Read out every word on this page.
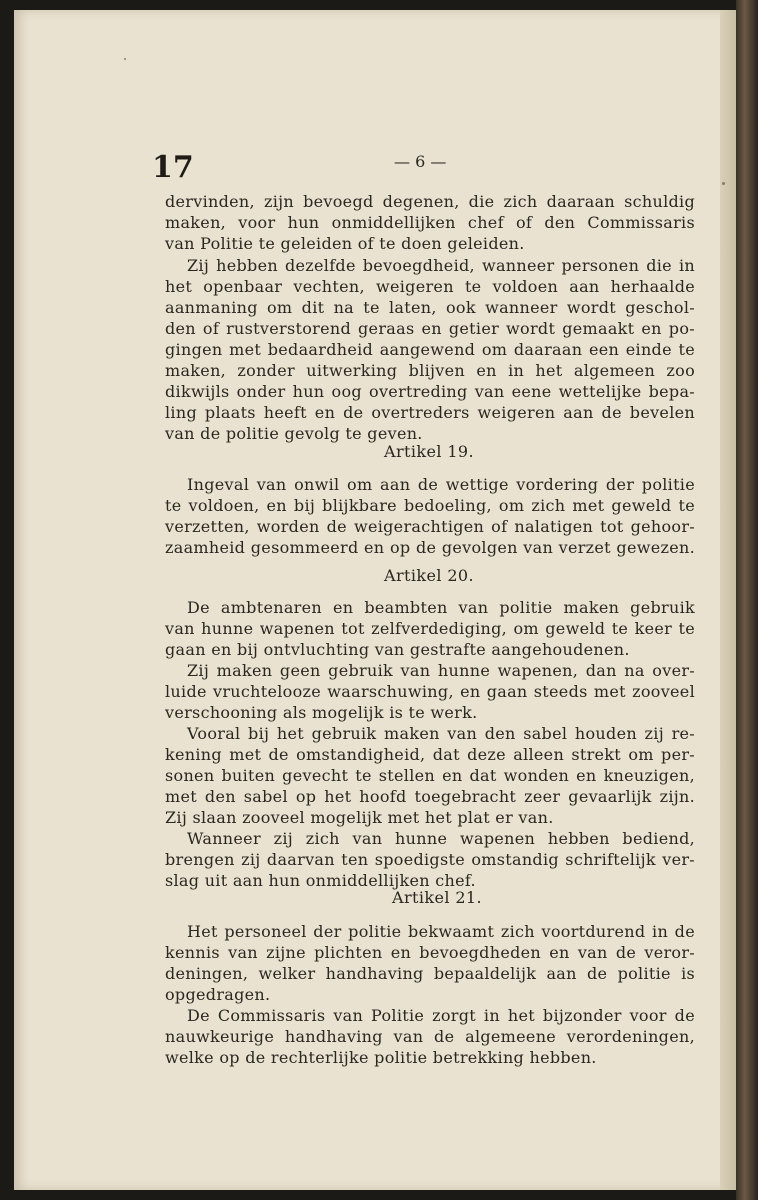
17	— 6 —
dervinden, zijn bevoegd degenen, die zich daaraan schuldig
maken, voor hun onmiddellijken chef of den Commissaris
van Politie te geleiden of te doen geleiden.
Zij hebben dezelfde bevoegdheid, wanneer personen die in
het openbaar vechten, weigeren te voldoen aan herhaalde
aanmaning om dit na te laten, ook wanneer wordt geschol-
den of rustverstorend geraas en getier wordt gemaakt en po-
gingen met bedaardheid aangewend om daaraan een einde te
maken, zonder uitwerking blijven en in het algemeen zoo
dikwijls onder hun oog overtreding van eene wettelijke bepa-
ling plaats heeft en de overtreders weigeren aan de bevelen
van de politie gevolg te geven.
Artikel 19.
Ingeval van onwil om aan de wettige vordering der politie
te voldoen, en bij blijkbare bedoeling, om zich met geweld te
verzetten, worden de weigerachtigen of nalatigen tot gehoor-
zaamheid gesommeerd en op de gevolgen van verzet gewezen.
Artikel 20.
De ambtenaren en beambten van politie maken gebruik
van hunne wapenen tot zelfverdediging, om geweld te keer te
gaan en bij ontvluchting van gestrafte aangehoudenen.
Zij maken geen gebruik van hunne wapenen, dan na over-
luide vruchtelooze waarschuwing, en gaan steeds met zooveel
verschooning als mogelijk is te werk.
Vooral bij het gebruik maken van den sabel houden zij re-
kening met de omstandigheid, dat deze alleen strekt om per-
sonen buiten gevecht te stellen en dat wonden en kneuzigen,
met den sabel op het hoofd toegebracht zeer gevaarlijk zijn.
Zij slaan zooveel mogelijk met het plat er van.
Wanneer zij zich van hunne wapenen hebben bediend,
brengen zij daarvan ten spoedigste omstandig schriftelijk ver-
slag uit aan hun onmiddellijken chef.
Artikel 21.
Het personeel der politie bekwaamt zich voortdurend in de
kennis van zijne plichten en bevoegdheden en van de veror-
deningen, welker handhaving bepaaldelijk aan de politie is
opgedragen.
De Commissaris van Politie zorgt in het bijzonder voor de
nauwkeurige handhaving van de algemeene verordeningen,
welke op de rechterlijke politie betrekking hebben.
